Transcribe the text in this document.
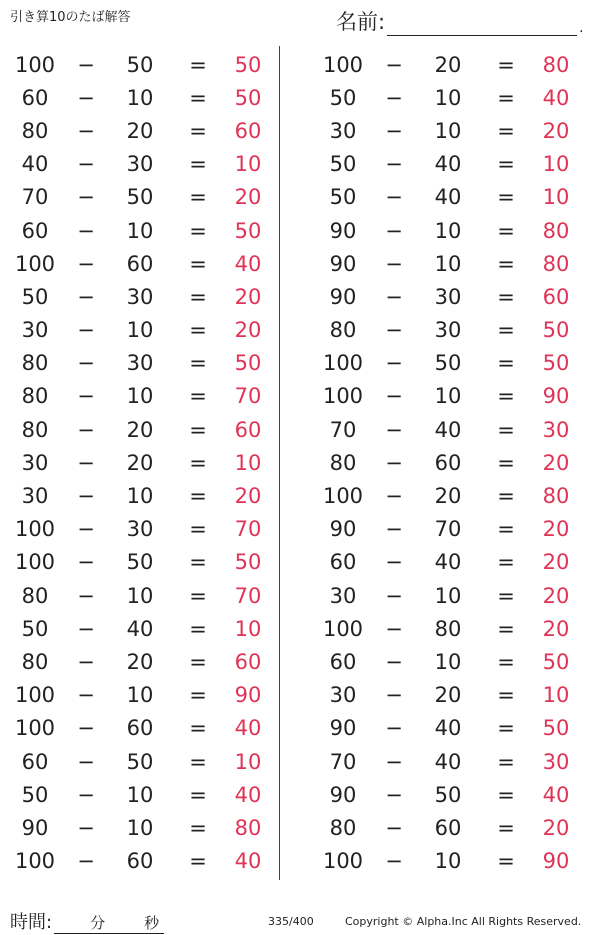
引き算10のたば解答	名前:	.
100	−	50	=	50
60	−	10	=	50
80	−	20	=	60
40	−	30	=	10
70	−	50	=	20
60	−	10	=	50
100	−	60	=	40
50	−	30	=	20
30	−	10	=	20
80	−	30	=	50
80	−	10	=	70
80	−	20	=	60
30	−	20	=	10
30	−	10	=	20
100	−	30	=	70
100	−	50	=	50
80	−	10	=	70
50	−	40	=	10
80	−	20	=	60
100	−	10	=	90
100	−	60	=	40
60	−	50	=	10
50	−	10	=	40
90	−	10	=	80
100	−	60	=	40
100	−	20	=	80
50	−	10	=	40
30	−	10	=	20
50	−	40	=	10
50	−	40	=	10
90	−	10	=	80
90	−	10	=	80
90	−	30	=	60
80	−	30	=	50
100	−	50	=	50
100	−	10	=	90
70	−	40	=	30
80	−	60	=	20
100	−	20	=	80
90	−	70	=	20
60	−	40	=	20
30	−	10	=	20
100	−	80	=	20
60	−	10	=	50
30	−	20	=	10
90	−	40	=	50
70	−	40	=	30
90	−	50	=	40
80	−	60	=	20
100	−	10	=	90
時間:	分	秒	335/400	Copyright © Alpha.Inc All Rights Reserved.
